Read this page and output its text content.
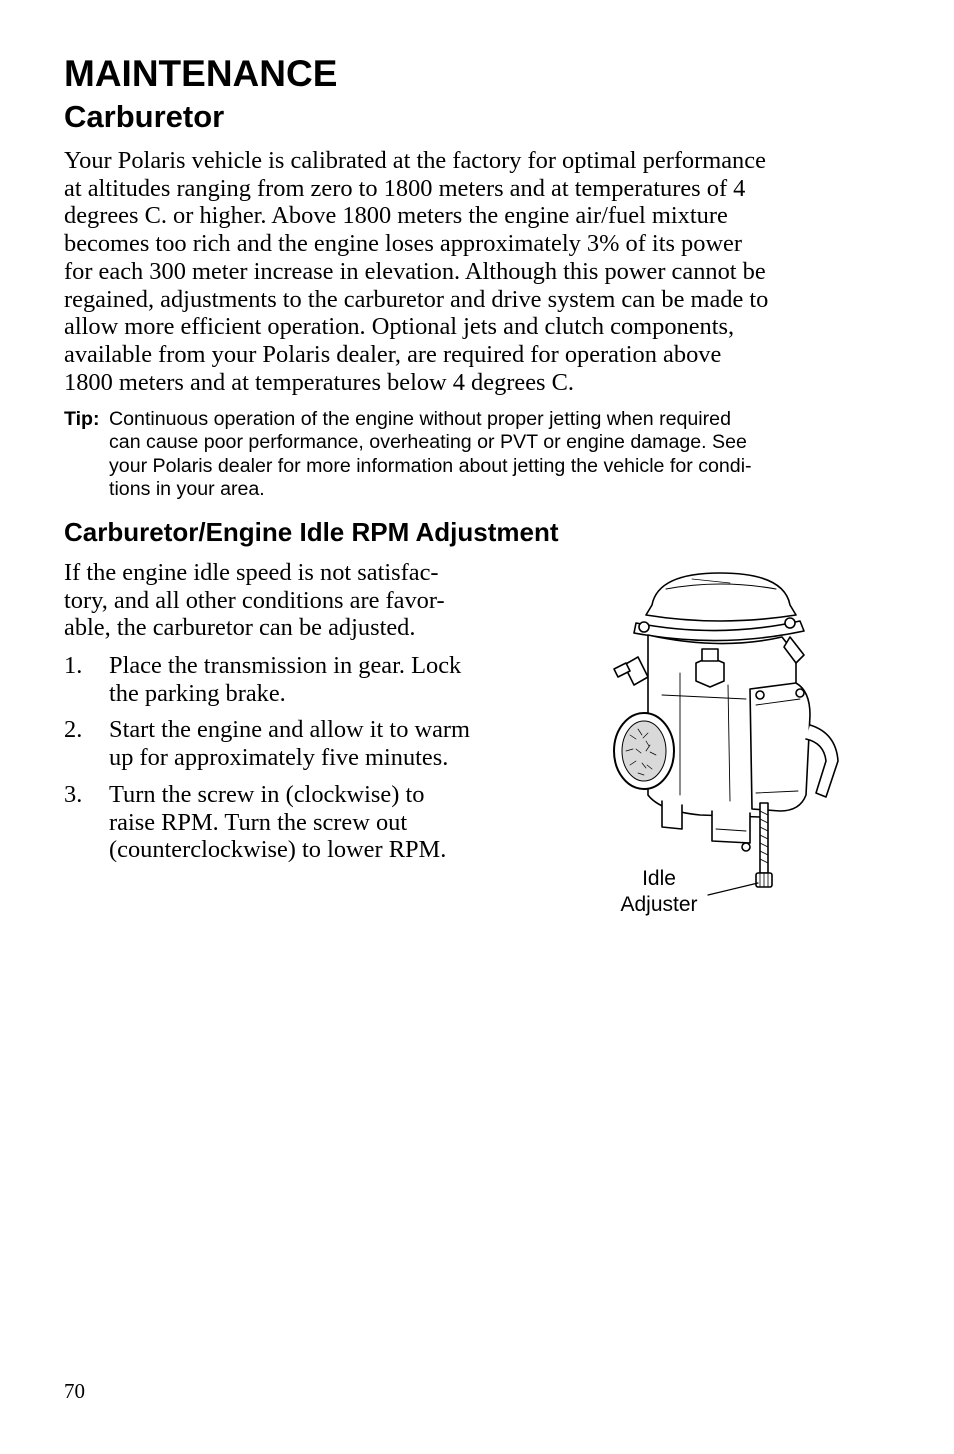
MAINTENANCE
Carburetor

Your Polaris vehicle is calibrated at the factory for optimal performance
at altitudes ranging from zero to 1800 meters and at temperatures of 4
degrees C. or higher. Above 1800 meters the engine air/fuel mixture
becomes too rich and the engine loses approximately 3% of its power
for each 300 meter increase in elevation. Although this power cannot be
regained, adjustments to the carburetor and drive system can be made to
allow more efficient operation. Optional jets and clutch components,
available from your Polaris dealer, are required for operation above
1800 meters and at temperatures below 4 degrees C.

Tip: Continuous operation of the engine without proper jetting when required
can cause poor performance, overheating or PVT or engine damage. See
your Polaris dealer for more information about jetting the vehicle for condi-
tions in your area.
Carburetor/Engine Idle RPM Adjustment

If the engine idle speed is not satisfac-
tory, and all other conditions are favor-
able, the carburetor can be adjusted.

1. Place the transmission in gear. Lock
the parking brake.
2. Start the engine and allow it to warm
up for approximately five minutes.
3. Turn the screw in (clockwise) to
raise RPM. Turn the screw out
(counterclockwise) to lower RPM.
Idle
Adjuster
70
